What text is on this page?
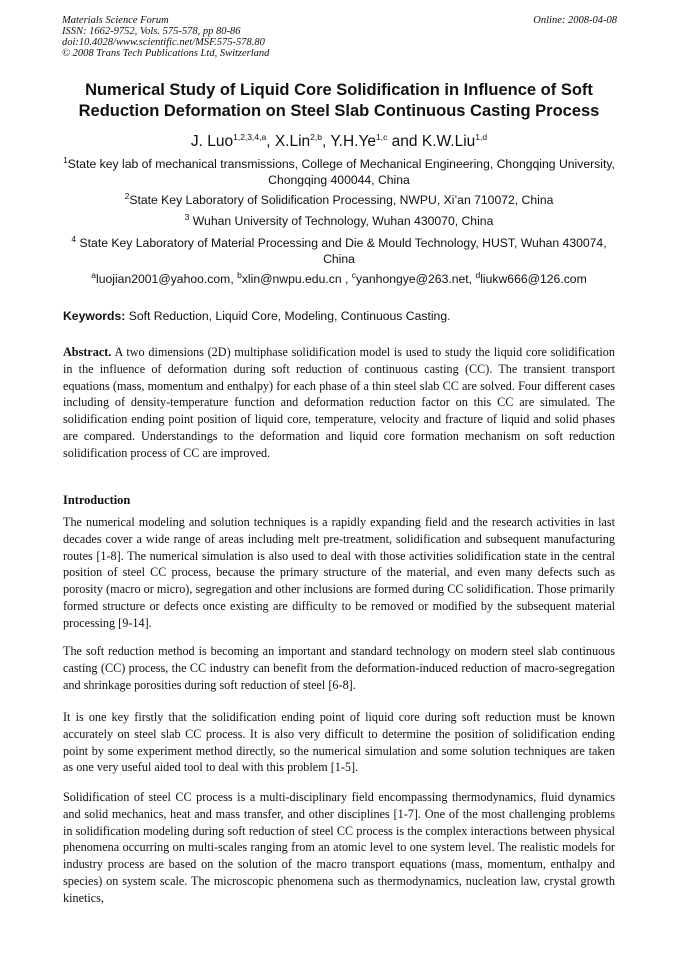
Materials Science Forum
ISSN: 1662-9752, Vols. 575-578, pp 80-86
doi:10.4028/www.scientific.net/MSF.575-578.80
© 2008 Trans Tech Publications Ltd, Switzerland
Online: 2008-04-08
Numerical Study of Liquid Core Solidification in Influence of Soft Reduction Deformation on Steel Slab Continuous Casting Process
J. Luo$^{1,2,3,4,a}$, X.Lin$^{2,b}$, Y.H.Ye$^{1,c}$ and K.W.Liu$^{1,d}$
$^1$State key lab of mechanical transmissions, College of Mechanical Engineering, Chongqing University, Chongqing 400044, China
$^2$State Key Laboratory of Solidification Processing, NWPU, Xi’an 710072, China
$^3$ Wuhan University of Technology, Wuhan 430070, China
$^4$ State Key Laboratory of Material Processing and Die & Mould Technology, HUST, Wuhan 430074, China
$^a$luojian2001@yahoo.com, $^b$xlin@nwpu.edu.cn , $^c$yanhongye@263.net, $^d$liukw666@126.com
Keywords: Soft Reduction, Liquid Core, Modeling, Continuous Casting.
Abstract. A two dimensions (2D) multiphase solidification model is used to study the liquid core solidification in the influence of deformation during soft reduction of continuous casting (CC). The transient transport equations (mass, momentum and enthalpy) for each phase of a thin steel slab CC are solved. Four different cases including of density-temperature function and deformation reduction factor on this CC are simulated. The solidification ending point position of liquid core, temperature, velocity and fracture of liquid and solid phases are compared. Understandings to the deformation and liquid core formation mechanism on soft reduction solidification process of CC are improved.
Introduction
The numerical modeling and solution techniques is a rapidly expanding field and the research activities in last decades cover a wide range of areas including melt pre-treatment, solidification and subsequent manufacturing routes [1-8]. The numerical simulation is also used to deal with those activities solidification state in the central position of steel CC process, because the primary structure of the material, and even many defects such as porosity (macro or micro), segregation and other inclusions are formed during CC solidification. Those primarily formed structure or defects once existing are difficulty to be removed or modified by the subsequent material processing [9-14].
The soft reduction method is becoming an important and standard technology on modern steel slab continuous casting (CC) process, the CC industry can benefit from the deformation-induced reduction of macro-segregation and shrinkage porosities during soft reduction of steel [6-8].
It is one key firstly that the solidification ending point of liquid core during soft reduction must be known accurately on steel slab CC process. It is also very difficult to determine the position of solidification ending point by some experiment method directly, so the numerical simulation and some solution techniques are taken as one very useful aided tool to deal with this problem [1-5].
Solidification of steel CC process is a multi-disciplinary field encompassing thermodynamics, fluid dynamics and solid mechanics, heat and mass transfer, and other disciplines [1-7]. One of the most challenging problems in solidification modeling during soft reduction of steel CC process is the complex interactions between physical phenomena occurring on multi-scales ranging from an atomic level to one system level. The realistic models for industry process are based on the solution of the macro transport equations (mass, momentum, enthalpy and species) on system scale. The microscopic phenomena such as thermodynamics, nucleation law, crystal growth kinetics,
